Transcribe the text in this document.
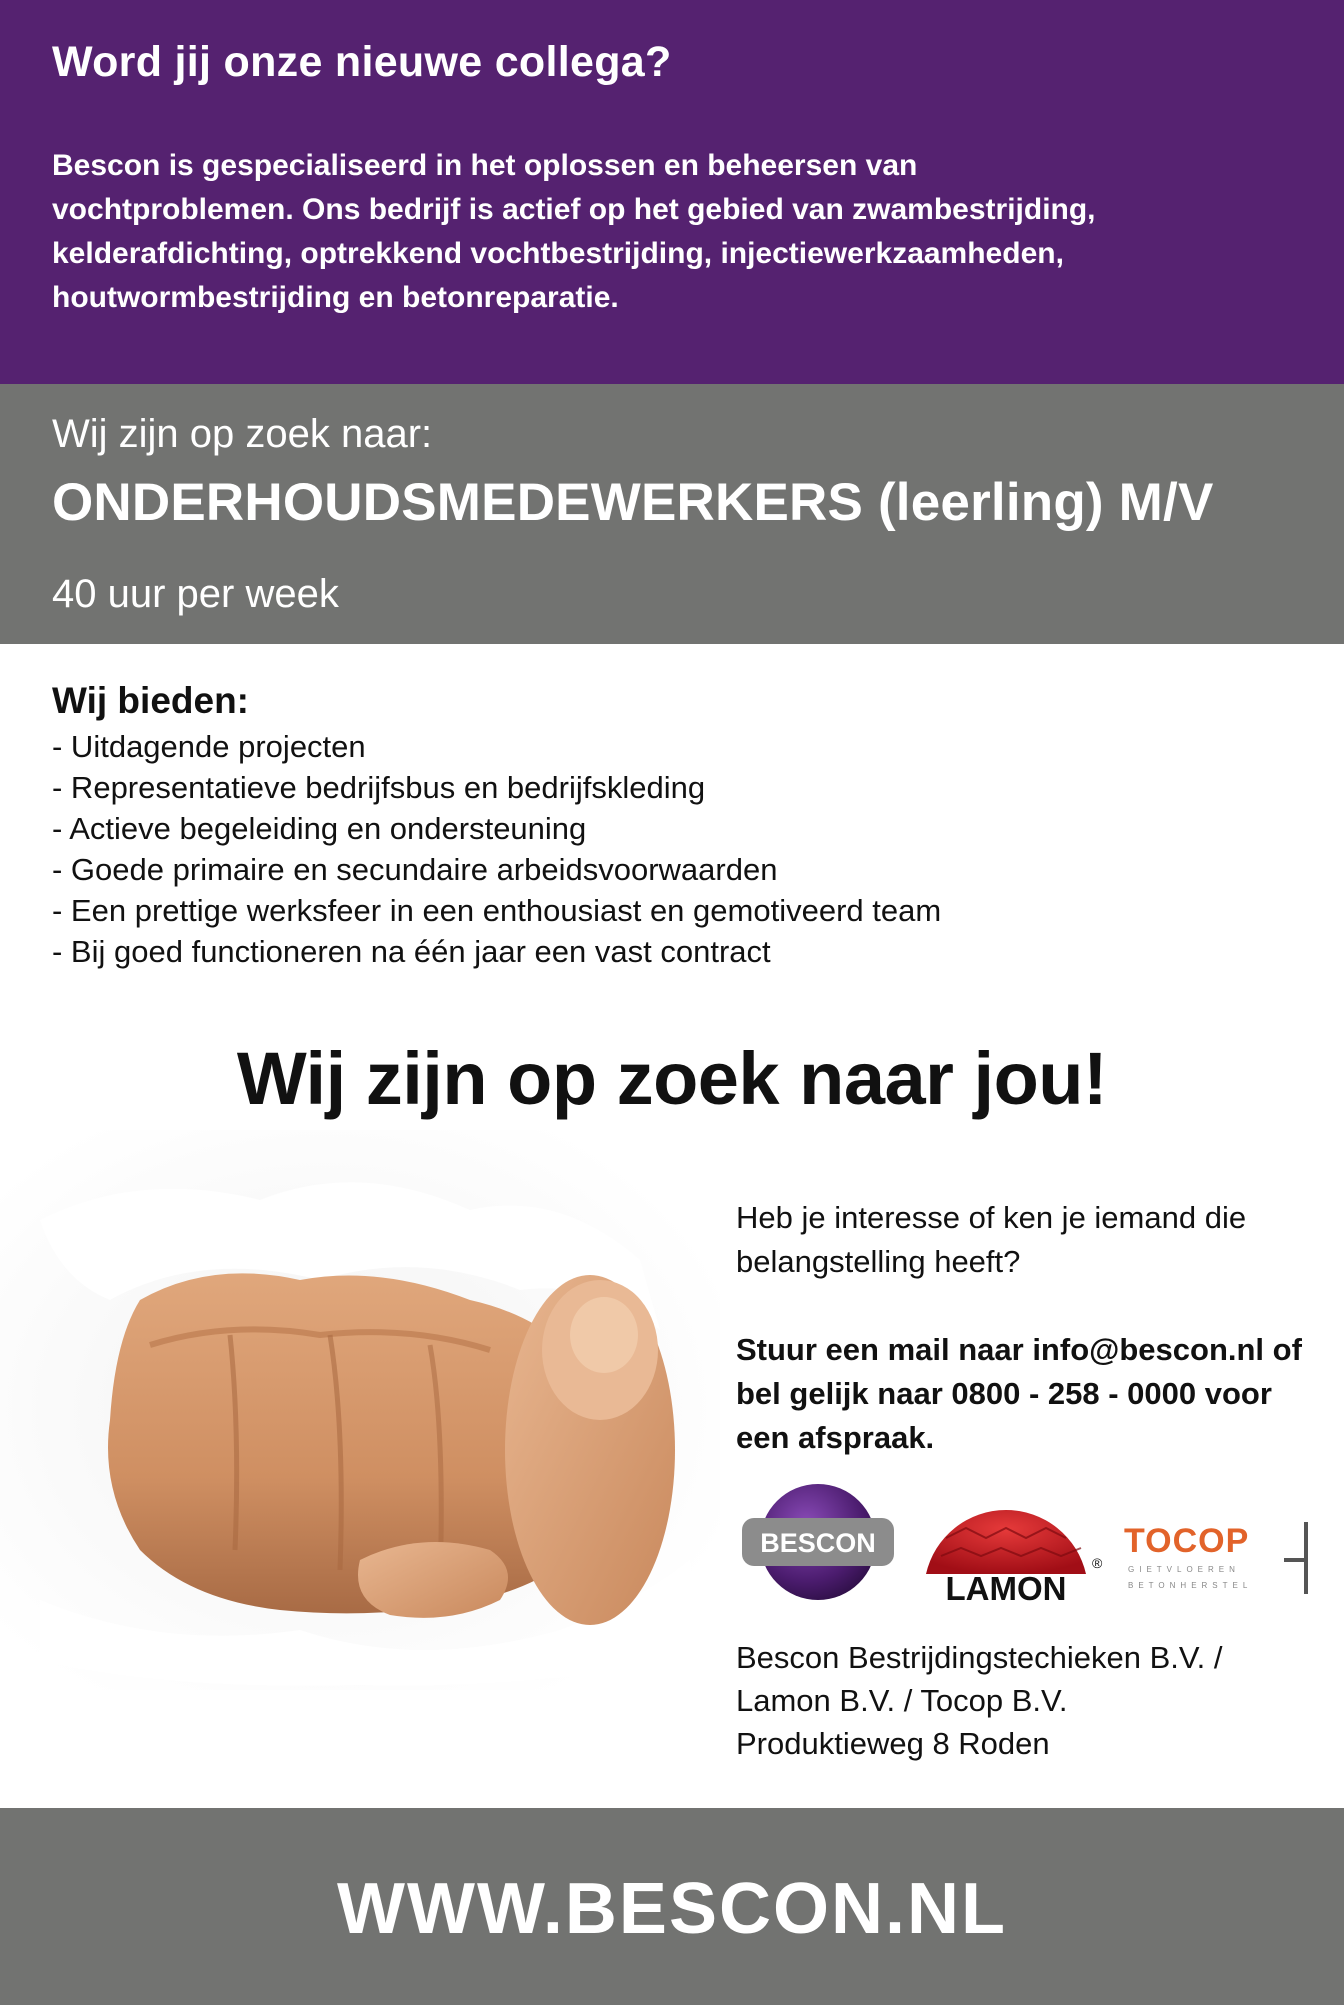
Word jij onze nieuwe collega?

Bescon is gespecialiseerd in het oplossen en beheersen van
vochtproblemen. Ons bedrijf is actief op het gebied van zwambestrijding,
kelderafdichting, optrekkend vochtbestrijding, injectiewerkzaamheden,
houtwormbestrijding en betonreparatie.

Wij zijn op zoek naar:
ONDERHOUDSMEDEWERKERS (leerling) M/V
40 uur per week
Wij bieden:
- Uitdagende projecten
- Representatieve bedrijfsbus en bedrijfskleding
- Actieve begeleiding en ondersteuning
- Goede primaire en secundaire arbeidsvoorwaarden
- Een prettige werksfeer in een enthousiast en gemotiveerd team
- Bij goed functioneren na één jaar een vast contract
Wij zijn op zoek naar jou!
Heb je interesse of ken je iemand die belangstelling heeft?
Stuur een mail naar info@bescon.nl of bel gelijk naar 0800 - 258 - 0000 voor een afspraak.
BESCON
LAMON
®
TOCOP
GIETVLOEREN
BETONHERSTEL
Bescon Bestrijdingstechieken B.V. /
Lamon B.V. / Tocop B.V.
Produktieweg 8 Roden
WWW.BESCON.NL
